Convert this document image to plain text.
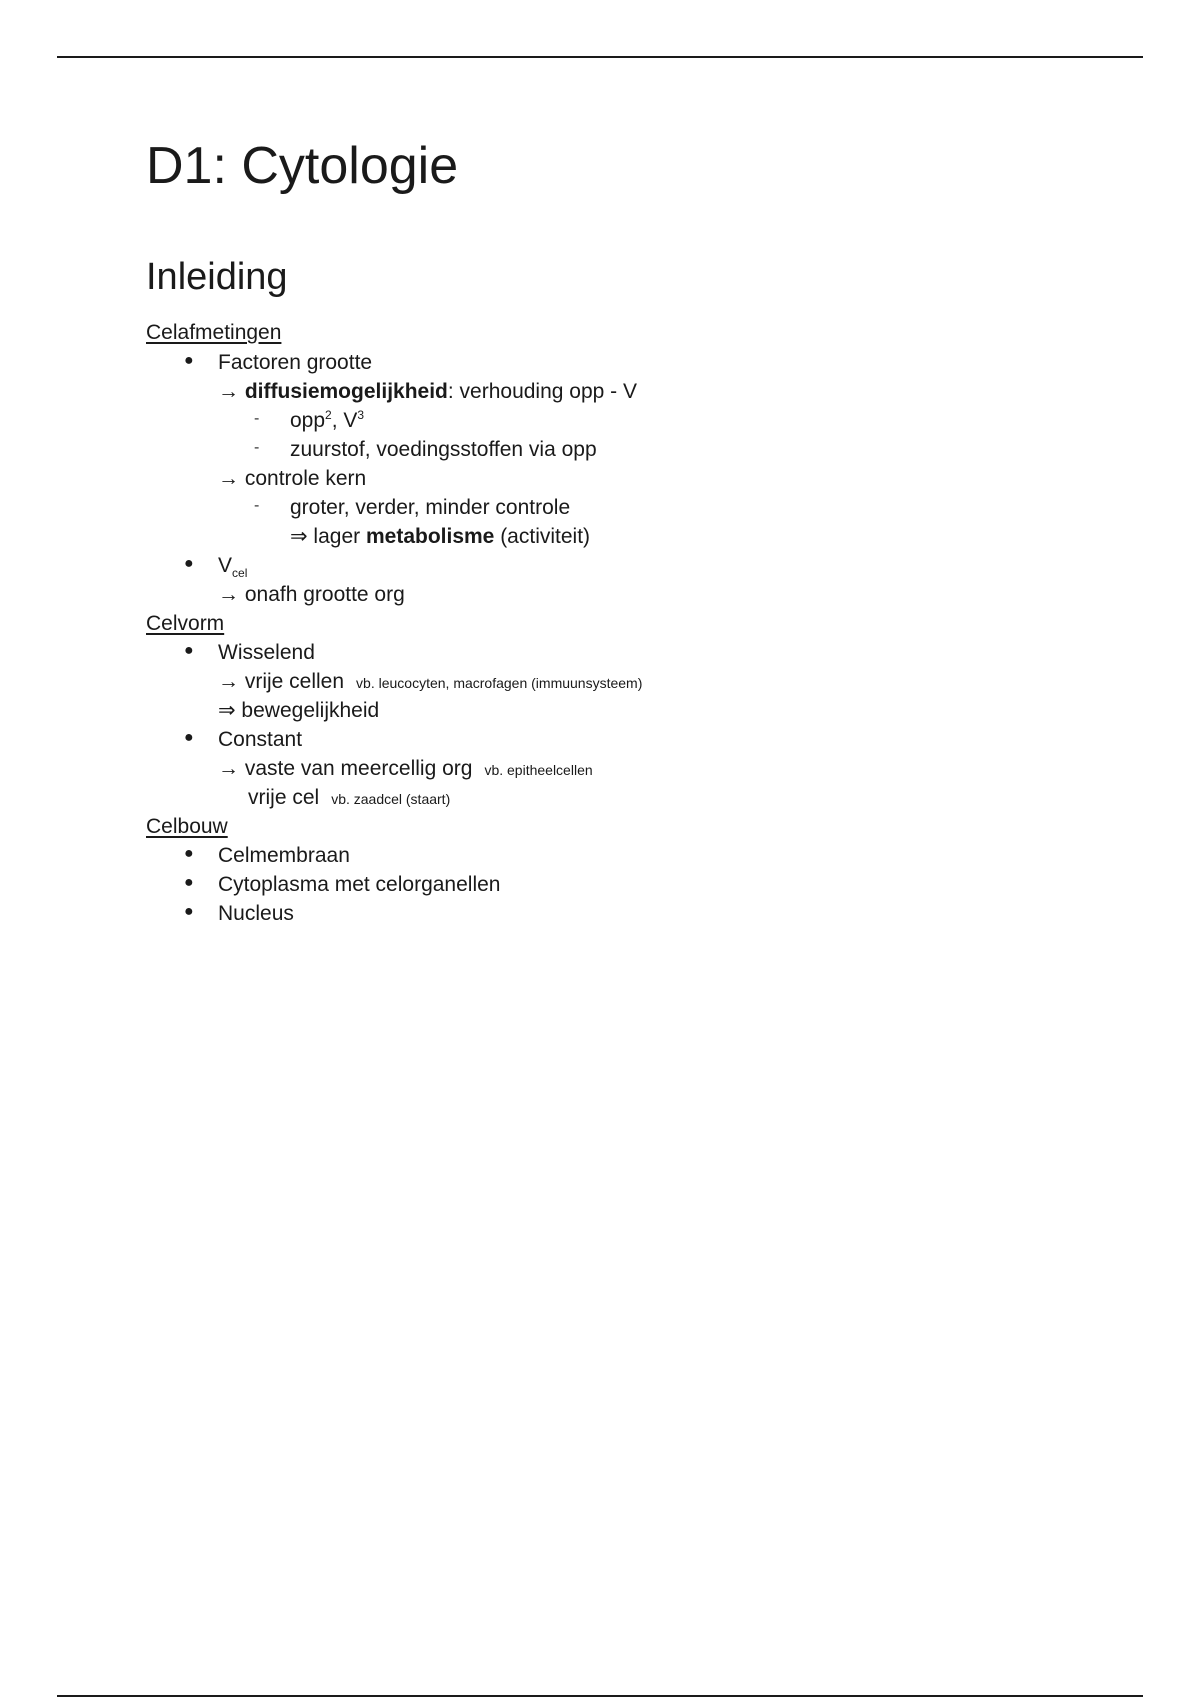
D1: Cytologie
Inleiding
Celafmetingen
● Factoren grootte
→ diffusiemogelijkheid: verhouding opp - V
- opp$^2$, $V^3$
- zuurstof, voedingsstoffen via opp
→ controle kern
- groter, verder, minder controle
⇒ lager metabolisme (activiteit)
● $V_{cel}$
→ onafh grootte org
Celvorm
● Wisselend
→ vrije cellen vb. leucocyten, macrofagen (immuunsysteem)
⇒ bewegelijkheid
● Constant
→ vaste van meercellig org vb. epitheelcellen
vrije cel vb. zaadcel (staart)
Celbouw
● Celmembraan
● Cytoplasma met celorganellen
● Nucleus
